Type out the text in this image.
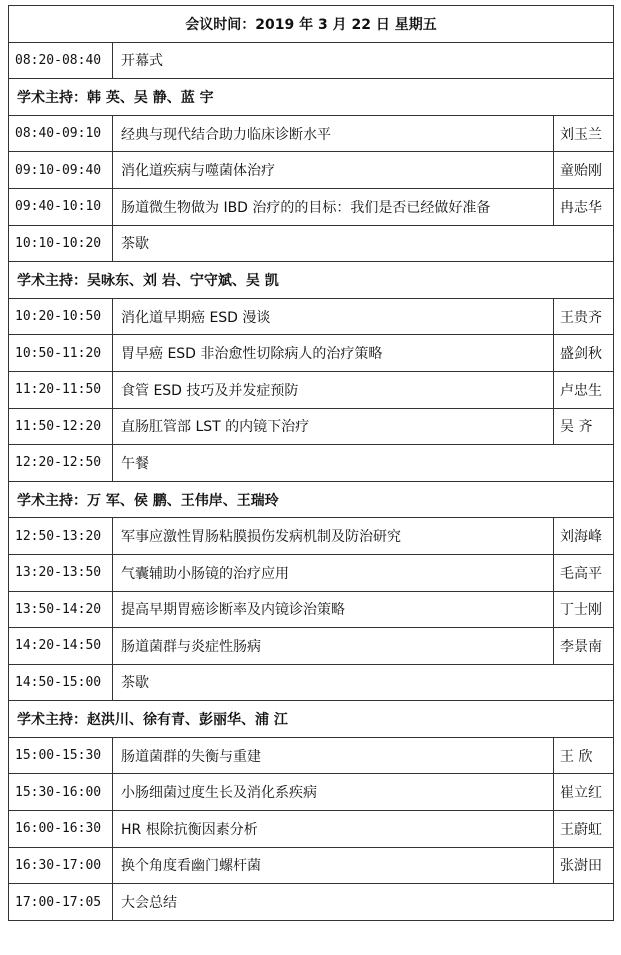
会议时间：2019 年 3 月 22 日 星期五		
08:20-08:40	开幕式	
学术主持：韩 英、吴 静、蓝 宇		
08:40-09:10	经典与现代结合助力临床诊断水平	刘玉兰
09:10-09:40	消化道疾病与噬菌体治疗	童贻刚
09:40-10:10	肠道微生物做为 IBD 治疗的的目标：我们是否已经做好准备	冉志华
10:10-10:20	茶歇	
学术主持：吴咏东、刘 岩、宁守斌、吴 凯		
10:20-10:50	消化道早期癌 ESD 漫谈	王贵齐
10:50-11:20	胃早癌 ESD 非治愈性切除病人的治疗策略	盛剑秋
11:20-11:50	食管 ESD 技巧及并发症预防	卢忠生
11:50-12:20	直肠肛管部 LST 的内镜下治疗	吴 齐
12:20-12:50	午餐	
学术主持：万 军、侯 鹏、王伟岸、王瑞玲		
12:50-13:20	军事应激性胃肠粘膜损伤发病机制及防治研究	刘海峰
13:20-13:50	气囊辅助小肠镜的治疗应用	毛高平
13:50-14:20	提高早期胃癌诊断率及内镜诊治策略	丁士刚
14:20-14:50	肠道菌群与炎症性肠病	李景南
14:50-15:00	茶歇	
学术主持：赵洪川、徐有青、彭丽华、浦 江		
15:00-15:30	肠道菌群的失衡与重建	王 欣
15:30-16:00	小肠细菌过度生长及消化系疾病	崔立红
16:00-16:30	HR 根除抗衡因素分析	王蔚虹
16:30-17:00	换个角度看幽门螺杆菌	张澍田
17:00-17:05	大会总结	
